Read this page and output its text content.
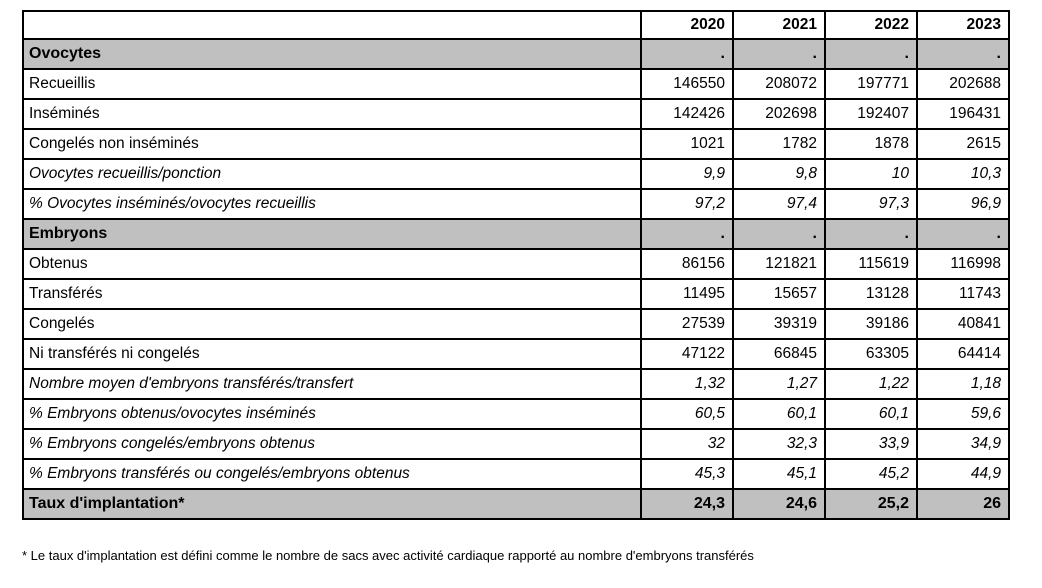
	2020	2021	2022	2023
Ovocytes	.	.	.	.
Recueillis	146550	208072	197771	202688
Inséminés	142426	202698	192407	196431
Congelés non inséminés	1021	1782	1878	2615
Ovocytes recueillis/ponction	9,9	9,8	10	10,3
% Ovocytes inséminés/ovocytes recueillis	97,2	97,4	97,3	96,9
Embryons	.	.	.	.
Obtenus	86156	121821	115619	116998
Transférés	11495	15657	13128	11743
Congelés	27539	39319	39186	40841
Ni transférés ni congelés	47122	66845	63305	64414
Nombre moyen d'embryons transférés/transfert	1,32	1,27	1,22	1,18
% Embryons obtenus/ovocytes inséminés	60,5	60,1	60,1	59,6
% Embryons congelés/embryons obtenus	32	32,3	33,9	34,9
% Embryons transférés ou congelés/embryons obtenus	45,3	45,1	45,2	44,9
Taux d'implantation*	24,3	24,6	25,2	26
* Le taux d'implantation est défini comme le nombre de sacs avec activité cardiaque rapporté au nombre d'embryons transférés
